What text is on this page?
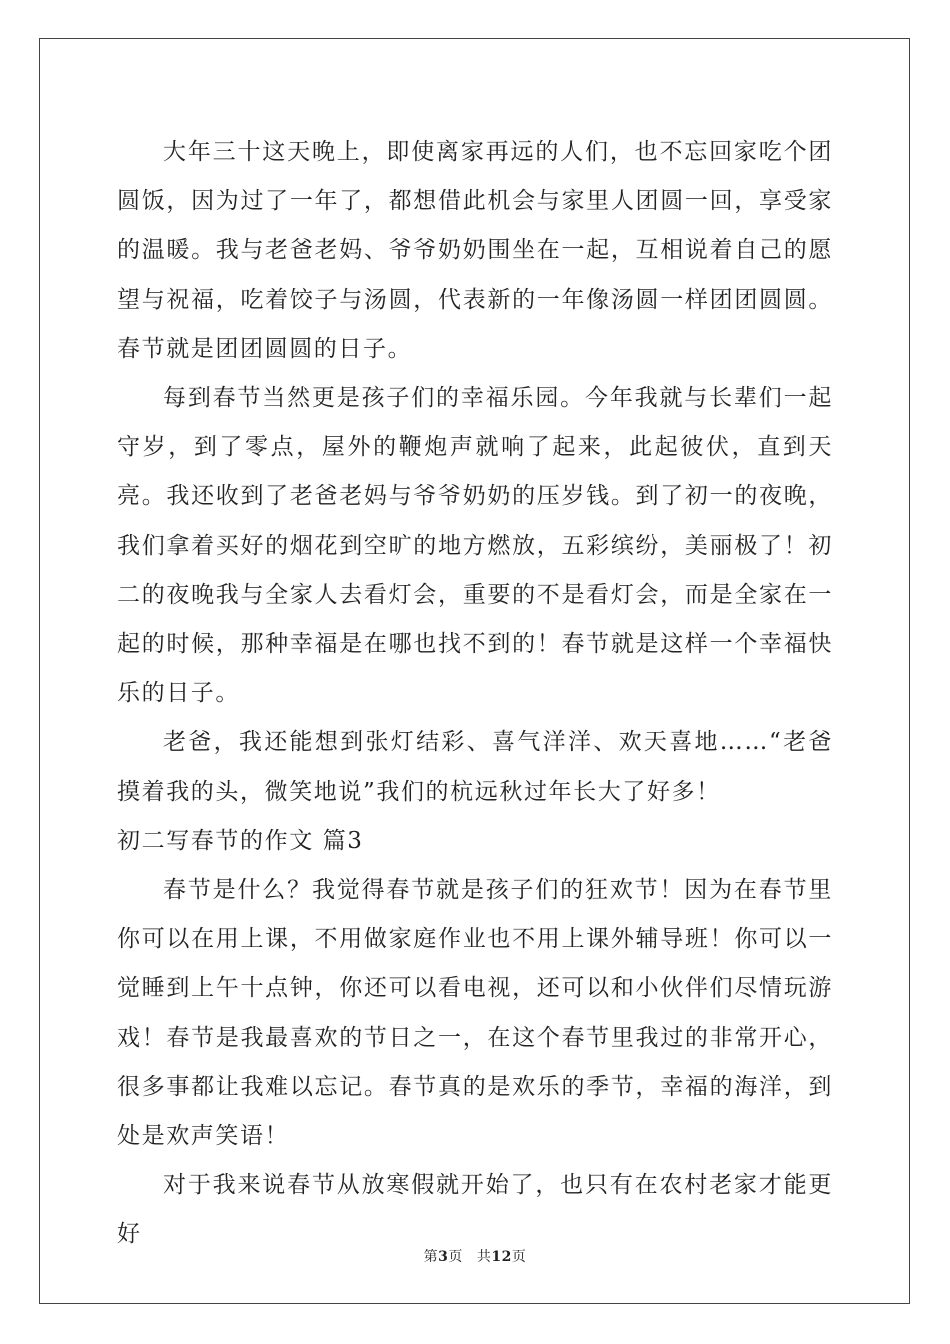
大年三十这天晚上，即使离家再远的人们，也不忘回家吃个团圆饭，因为过了一年了，都想借此机会与家里人团圆一回，享受家的温暖。我与老爸老妈、爷爷奶奶围坐在一起，互相说着自己的愿望与祝福，吃着饺子与汤圆，代表新的一年像汤圆一样团团圆圆。春节就是团团圆圆的日子。

每到春节当然更是孩子们的幸福乐园。今年我就与长辈们一起守岁，到了零点，屋外的鞭炮声就响了起来，此起彼伏，直到天亮。我还收到了老爸老妈与爷爷奶奶的压岁钱。到了初一的夜晚，我们拿着买好的烟花到空旷的地方燃放，五彩缤纷，美丽极了！初二的夜晚我与全家人去看灯会，重要的不是看灯会，而是全家在一起的时候，那种幸福是在哪也找不到的！春节就是这样一个幸福快乐的日子。

老爸，我还能想到张灯结彩、喜气洋洋、欢天喜地……“老爸摸着我的头，微笑地说”我们的杭远秋过年长大了好多！

初二写春节的作文 篇3

春节是什么？我觉得春节就是孩子们的狂欢节！因为在春节里你可以在用上课，不用做家庭作业也不用上课外辅导班！你可以一觉睡到上午十点钟，你还可以看电视，还可以和小伙伴们尽情玩游戏！春节是我最喜欢的节日之一，在这个春节里我过的非常开心，很多事都让我难以忘记。春节真的是欢乐的季节，幸福的海洋，到处是欢声笑语！

对于我来说春节从放寒假就开始了，也只有在农村老家才能更好

第3页 共12页
